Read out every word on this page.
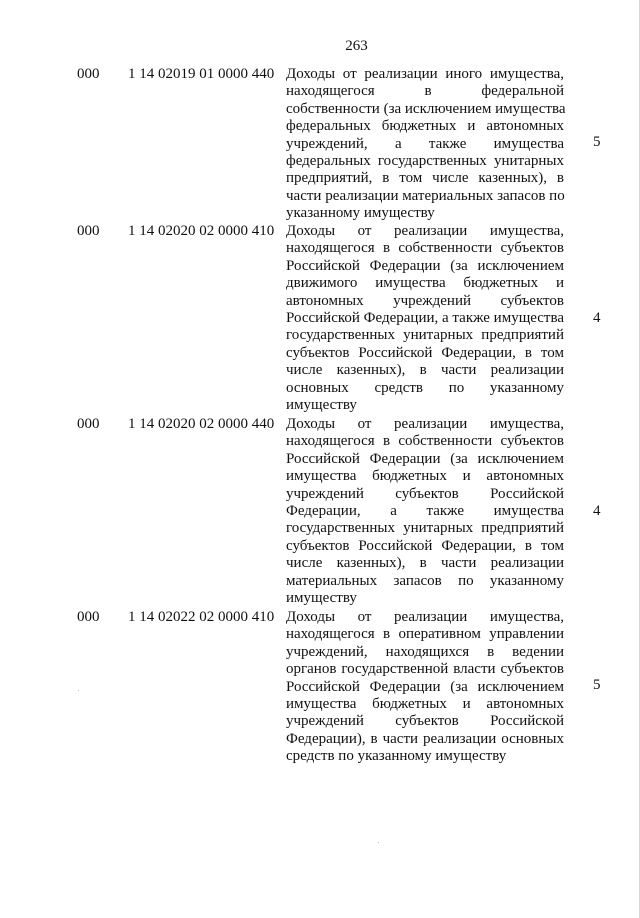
263
000 1 14 02019 01 0000 440 Доходы от реализации иного имущества,
находящегося в федеральной
собственности (за исключением имущества
федеральных бюджетных и автономных
учреждений, а также имущества
федеральных государственных унитарных
предприятий, в том числе казенных), в
части реализации материальных запасов по
указанному имуществу
5
000 1 14 02020 02 0000 410 Доходы от реализации имущества,
находящегося в собственности субъектов
Российской Федерации (за исключением
движимого имущества бюджетных и
автономных учреждений субъектов
Российской Федерации, а также имущества
государственных унитарных предприятий
субъектов Российской Федерации, в том
числе казенных), в части реализации
основных средств по указанному
имуществу
4
000 1 14 02020 02 0000 440 Доходы от реализации имущества,
находящегося в собственности субъектов
Российской Федерации (за исключением
имущества бюджетных и автономных
учреждений субъектов Российской
Федерации, а также имущества
государственных унитарных предприятий
субъектов Российской Федерации, в том
числе казенных), в части реализации
материальных запасов по указанному
имуществу
4
000 1 14 02022 02 0000 410 Доходы от реализации имущества,
находящегося в оперативном управлении
учреждений, находящихся в ведении
органов государственной власти субъектов
Российской Федерации (за исключением
имущества бюджетных и автономных
учреждений субъектов Российской
Федерации), в части реализации основных
средств по указанному имуществу
5
